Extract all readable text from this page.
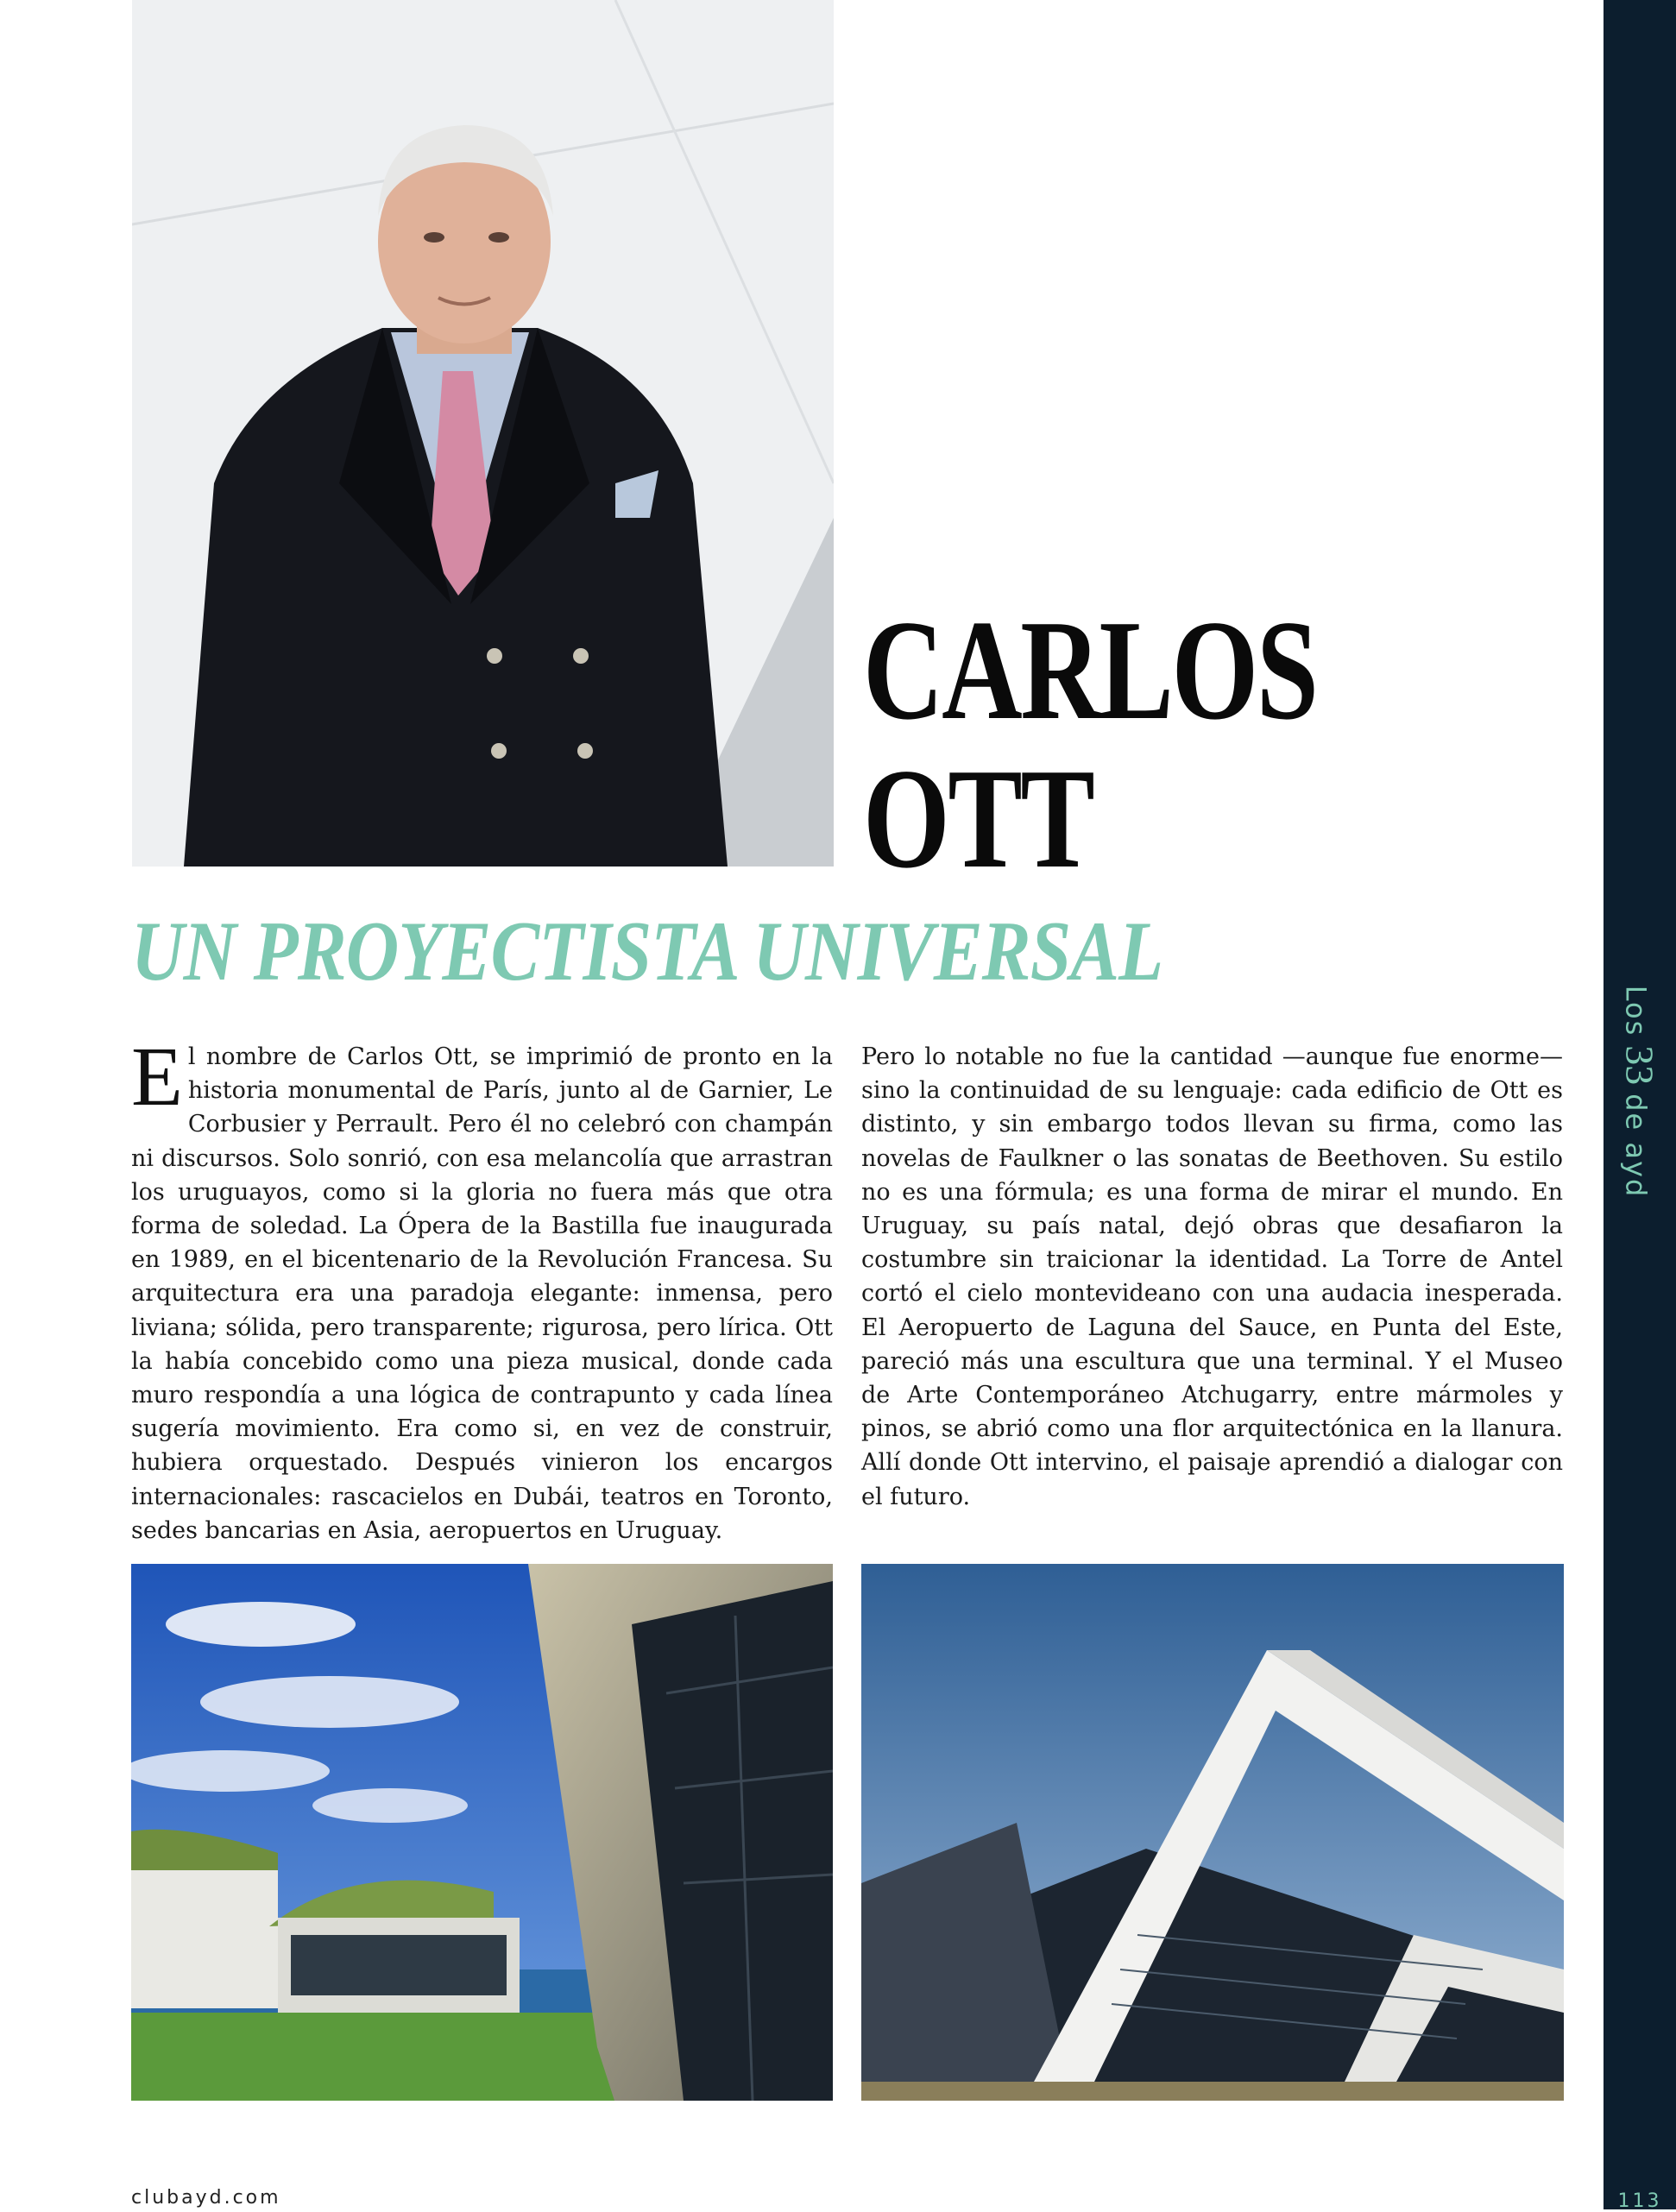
Los33de ayd
CARLOS
OTT
UN PROYECTISTA UNIVERSAL
El nombre de Carlos Ott, se imprimió de pronto en la historia monumental de París, junto al de Garnier, Le Corbusier y Perrault. Pero él no celebró con champán ni discursos. Solo sonrió, con esa melancolía que arrastran los uruguayos, como si la gloria no fuera más que otra forma de soledad. La Ópera de la Bastilla fue inaugurada en 1989, en el bicentenario de la Revolución Francesa. Su arquitectura era una paradoja elegante: inmensa, pero liviana; sólida, pero transparente; rigurosa, pero lírica. Ott la había concebido como una pieza musical, donde cada muro respondía a una lógica de contrapunto y cada línea sugería movimiento. Era como si, en vez de construir, hubiera orquestado. Después vinieron los encargos internacionales: rascacielos en Dubái, teatros en Toronto, sedes bancarias en Asia, aeropuertos en Uruguay.
Pero lo notable no fue la cantidad —aunque fue enorme— sino la continuidad de su lenguaje: cada edificio de Ott es distinto, y sin embargo todos llevan su firma, como las novelas de Faulkner o las sonatas de Beethoven. Su estilo no es una fórmula; es una forma de mirar el mundo. En Uruguay, su país natal, dejó obras que desafiaron la costumbre sin traicionar la identidad. La Torre de Antel cortó el cielo montevideano con una audacia inesperada. El Aeropuerto de Laguna del Sauce, en Punta del Este, pareció más una escultura que una terminal. Y el Museo de Arte Contemporáneo Atchugarry, entre mármoles y pinos, se abrió como una flor arquitectónica en la llanura. Allí donde Ott intervino, el paisaje aprendió a dialogar con el futuro.
clubayd.com	113
